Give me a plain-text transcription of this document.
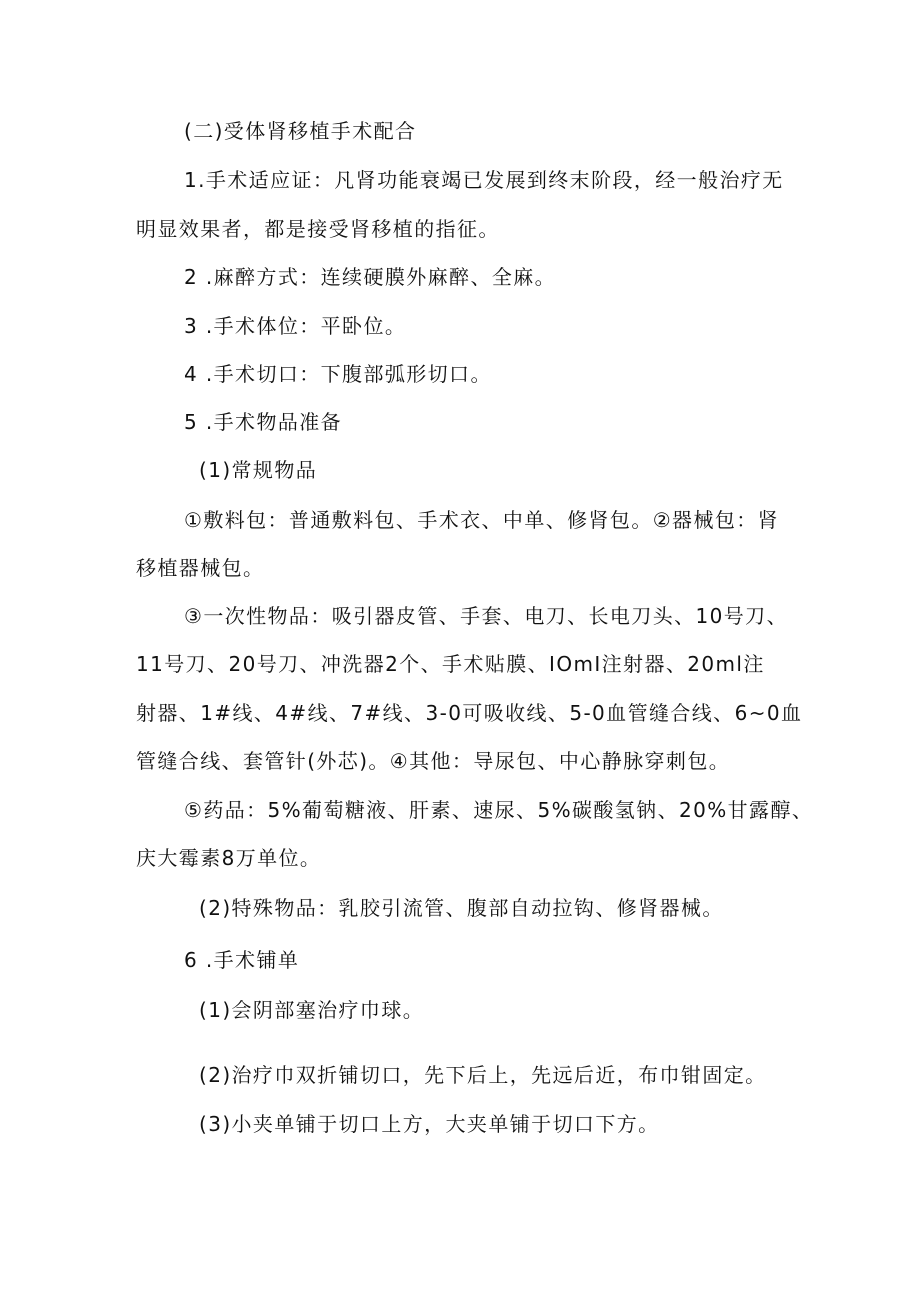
(二)受体肾移植手术配合
1.手术适应证：凡肾功能衰竭已发展到终末阶段，经一般治疗无
明显效果者，都是接受肾移植的指征。
2 .麻醉方式：连续硬膜外麻醉、全麻。
3 .手术体位：平卧位。
4 .手术切口：下腹部弧形切口。
5 .手术物品准备
(1)常规物品
①敷料包：普通敷料包、手术衣、中单、修肾包。②器械包：肾
移植器械包。
③一次性物品：吸引器皮管、手套、电刀、长电刀头、10号刀、
11号刀、20号刀、冲洗器2个、手术贴膜、IOmI注射器、20ml注
射器、1#线、4#线、7#线、3-0可吸收线、5-0血管缝合线、6~0血
管缝合线、套管针(外芯)。④其他：导尿包、中心静脉穿刺包。
⑤药品：5%葡萄糖液、肝素、速尿、5%碳酸氢钠、20%甘露醇、
庆大霉素8万单位。
(2)特殊物品：乳胶引流管、腹部自动拉钩、修肾器械。
6 .手术铺单
(1)会阴部塞治疗巾球。
(2)治疗巾双折铺切口，先下后上，先远后近，布巾钳固定。
(3)小夹单铺于切口上方，大夹单铺于切口下方。
